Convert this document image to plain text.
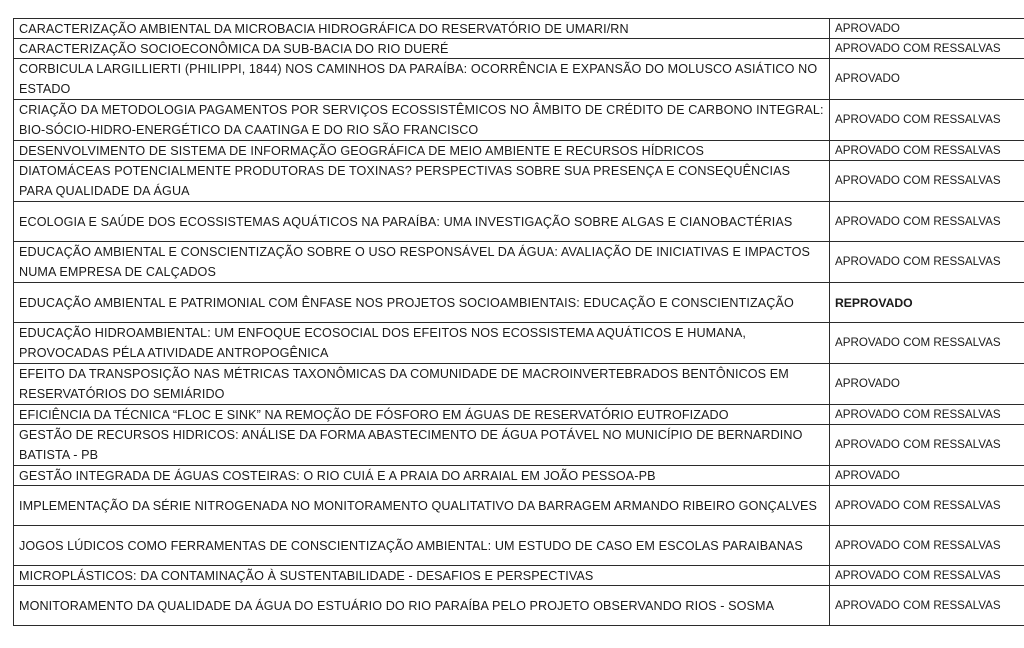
CARACTERIZAÇÃO AMBIENTAL DA MICROBACIA HIDROGRÁFICA DO RESERVATÓRIO DE UMARI/RN	APROVADO
CARACTERIZAÇÃO SOCIOECONÔMICA DA SUB-BACIA DO RIO DUERÉ	APROVADO COM RESSALVAS
CORBICULA LARGILLIERTI (PHILIPPI, 1844) NOS CAMINHOS DA PARAÍBA: OCORRÊNCIA E EXPANSÃO DO MOLUSCO ASIÁTICO NO ESTADO	APROVADO
CRIAÇÃO DA METODOLOGIA PAGAMENTOS POR SERVIÇOS ECOSSISTÊMICOS NO ÂMBITO DE CRÉDITO DE CARBONO INTEGRAL: BIO-SÓCIO-HIDRO-ENERGÉTICO DA CAATINGA E DO RIO SÃO FRANCISCO	APROVADO COM RESSALVAS
DESENVOLVIMENTO DE SISTEMA DE INFORMAÇÃO GEOGRÁFICA DE MEIO AMBIENTE E RECURSOS HÍDRICOS	APROVADO COM RESSALVAS
DIATOMÁCEAS POTENCIALMENTE PRODUTORAS DE TOXINAS? PERSPECTIVAS SOBRE SUA PRESENÇA E CONSEQUÊNCIAS PARA QUALIDADE DA ÁGUA	APROVADO COM RESSALVAS
ECOLOGIA E SAÚDE DOS ECOSSISTEMAS AQUÁTICOS NA PARAÍBA: UMA INVESTIGAÇÃO SOBRE ALGAS E CIANOBACTÉRIAS	APROVADO COM RESSALVAS
EDUCAÇÃO AMBIENTAL E CONSCIENTIZAÇÃO SOBRE O USO RESPONSÁVEL DA ÁGUA: AVALIAÇÃO DE INICIATIVAS E IMPACTOS NUMA EMPRESA DE CALÇADOS	APROVADO COM RESSALVAS
EDUCAÇÃO AMBIENTAL E PATRIMONIAL COM ÊNFASE NOS PROJETOS SOCIOAMBIENTAIS: EDUCAÇÃO E CONSCIENTIZAÇÃO	REPROVADO
EDUCAÇÃO HIDROAMBIENTAL: UM ENFOQUE ECOSOCIAL DOS EFEITOS NOS ECOSSISTEMA AQUÁTICOS E HUMANA, PROVOCADAS PÉLA ATIVIDADE ANTROPOGÊNICA	APROVADO COM RESSALVAS
EFEITO DA TRANSPOSIÇÃO NAS MÉTRICAS TAXONÔMICAS DA COMUNIDADE DE MACROINVERTEBRADOS BENTÔNICOS EM RESERVATÓRIOS DO SEMIÁRIDO	APROVADO
EFICIÊNCIA DA TÉCNICA “FLOC E SINK” NA REMOÇÃO DE FÓSFORO EM ÁGUAS DE RESERVATÓRIO EUTROFIZADO	APROVADO COM RESSALVAS
GESTÃO DE RECURSOS HIDRICOS: ANÁLISE DA FORMA ABASTECIMENTO DE ÁGUA POTÁVEL NO MUNICÍPIO DE BERNARDINO BATISTA - PB	APROVADO COM RESSALVAS
GESTÃO INTEGRADA DE ÁGUAS COSTEIRAS: O RIO CUIÁ E A PRAIA DO ARRAIAL EM JOÃO PESSOA-PB	APROVADO
IMPLEMENTAÇÃO DA SÉRIE NITROGENADA NO MONITORAMENTO QUALITATIVO DA BARRAGEM ARMANDO RIBEIRO GONÇALVES	APROVADO COM RESSALVAS
JOGOS LÚDICOS COMO FERRAMENTAS DE CONSCIENTIZAÇÃO AMBIENTAL: UM ESTUDO DE CASO EM ESCOLAS PARAIBANAS	APROVADO COM RESSALVAS
MICROPLÁSTICOS: DA CONTAMINAÇÃO À SUSTENTABILIDADE - DESAFIOS E PERSPECTIVAS	APROVADO COM RESSALVAS
MONITORAMENTO DA QUALIDADE DA ÁGUA DO ESTUÁRIO DO RIO PARAÍBA PELO PROJETO OBSERVANDO RIOS - SOSMA	APROVADO COM RESSALVAS
